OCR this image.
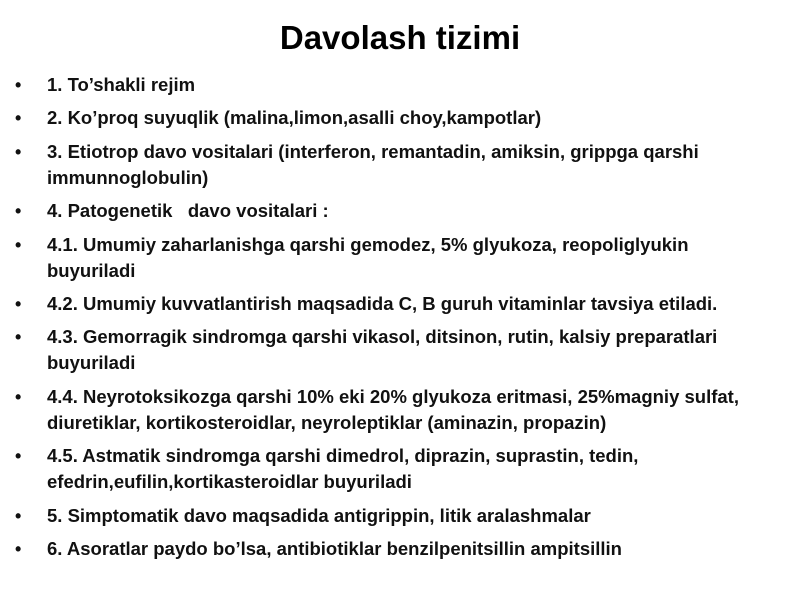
Davolash tizimi
• 1. To’shakli rejim
• 2. Ko’proq suyuqlik (malina,limon,asalli choy,kampotlar)
• 3. Etiotrop davo vositalari (interferon, remantadin, amiksin, grippga qarshi immunnoglobulin)
• 4. Patogenetik   davo vositalari :
• 4.1. Umumiy zaharlanishga qarshi gemodez, 5% glyukoza, reopoliglyukin buyuriladi
• 4.2. Umumiy kuvvatlantirish maqsadida C, B guruh vitaminlar tavsiya etiladi.
• 4.3. Gemorragik sindromga qarshi vikasol, ditsinon, rutin, kalsiy preparatlari buyuriladi
• 4.4. Neyrotoksikozga qarshi 10% eki 20% glyukoza eritmasi, 25%magniy sulfat, diuretiklar, kortikosteroidlar, neyroleptiklar (aminazin, propazin)
• 4.5. Astmatik sindromga qarshi dimedrol, diprazin, suprastin, tedin, efedrin,eufilin,kortikasteroidlar buyuriladi
• 5. Simptomatik davo maqsadida antigrippin, litik aralashmalar
• 6. Asoratlar paydo bo’lsa, antibiotiklar benzilpenitsillin ampitsillin
